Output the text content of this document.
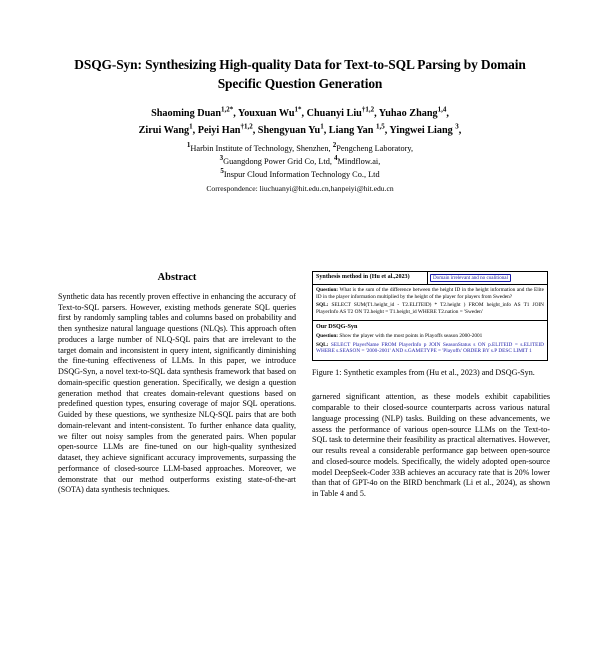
DSQG-Syn: Synthesizing High-quality Data for Text-to-SQL Parsing by Domain Specific Question Generation
Shaoming Duan$^{1,2*}$, Youxuan $Wu^{1*}$, Chuanyi Liu$^{\dagger 1,2}$, Yuhao Zhang$^{1,4}$,
Zirui Wang$^1$, Peiyi Han$^{\dagger 1,2}$, Shengyuan Yu$^1$, Liang Yan $^{1,5}$, Yingwei Liang $^3$,
$^1$Harbin Institute of Technology, Shenzhen, $^2$Pengcheng Laboratory,
$^3$Guangdong Power Grid Co, Ltd, $^4$Mindflow.ai,
$^5$Inspur Cloud Information Technology Co., Ltd
Correspondence: liuchuanyi@hit.edu.cn,hanpeiyi@hit.edu.cn
Abstract

Synthetic data has recently proven effective in enhancing the accuracy of Text-to-SQL parsers. However, existing methods generate SQL queries first by randomly sampling tables and columns based on probability and then synthesize natural language questions (NLQs). This approach often produces a large number of NLQ-SQL pairs that are irrelevant to the target domain and inconsistent in query intent, significantly diminishing the fine-tuning effectiveness of LLMs. In this paper, we introduce DSQG-Syn, a novel text-to-SQL data synthesis framework that based on domain-specific question generation. Specifically, we design a question generation method that creates domain-relevant questions based on predefined question types, ensuring coverage of major SQL operations. Guided by these questions, we synthesize NLQ-SQL pairs that are both domain-relevant and intent-consistent. To further enhance data quality, we filter out noisy samples from the generated pairs. When popular open-source LLMs are fine-tuned on our high-quality synthesized dataset, they achieve significant accuracy improvements, surpassing the performance of closed-source LLM-based approaches. Moreover, we demonstrate that our method outperforms existing state-of-the-art (SOTA) data synthesis techniques.

Synthesis method in (Hu et al.,2023)	Domain irrelevant and no coalitional

Question: What is the sum of the difference between the height ID in the height information and the Elite ID in the player information multiplied by the height of the player for players from Sweden?

SQL: SELECT SUM(T1.height_id - T2.ELITEID) * T2.height ) FROM height_info AS T1 JOIN PlayerInfo AS T2 ON T2.height = T1.height_id WHERE T2.nation = 'Sweden'

Our DSQG-Syn

Question: Show the player with the most points in Playoffs season 2000-2001

SQL: SELECT PlayerName FROM PlayerInfo p JOIN SeasonStatus s ON p.ELITEID = s.ELITEID WHERE s.SEASON = '2000-2001' AND s.GAMETYPE = 'Playoffs' ORDER BY s.P DESC LIMIT 1

Figure 1: Synthetic examples from (Hu et al., 2023) and DSQG-Syn.

garnered significant attention, as these models exhibit capabilities comparable to their closed-source counterparts across various natural language processing (NLP) tasks. Building on these advancements, we assess the performance of various open-source LLMs on the Text-to-SQL task to determine their feasibility as practical alternatives. However, our results reveal a considerable performance gap between open-source and closed-source models. Specifically, the widely adopted open-source model DeepSeek-Coder 33B achieves an accuracy rate that is 20% lower than that of GPT-4o on the BIRD benchmark (Li et al., 2024), as shown in Table 4 and 5.
